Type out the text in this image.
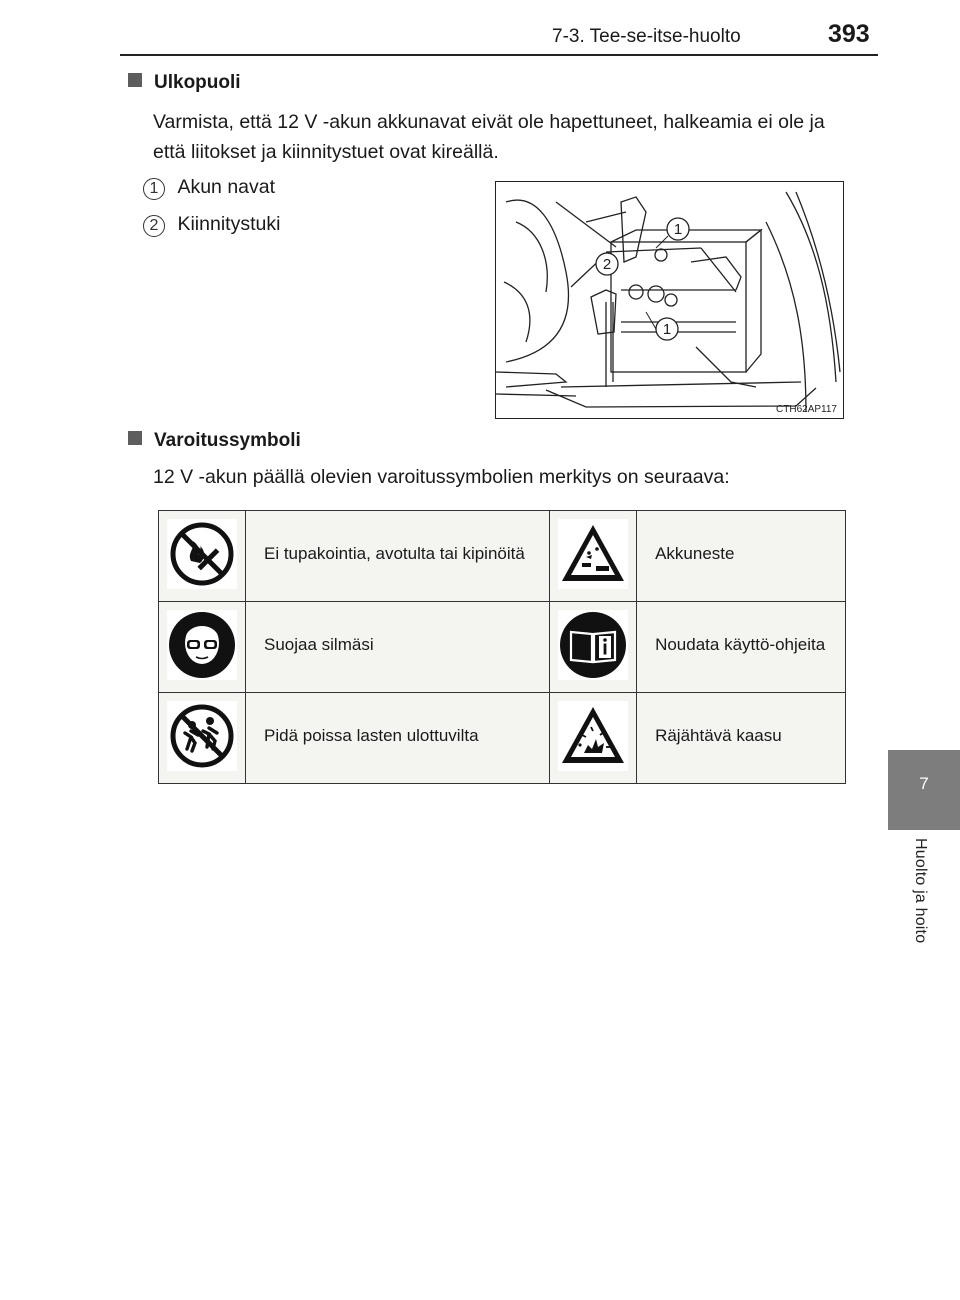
7-3. Tee-se-itse-huolto	393
7
Huolto ja hoito
Ulkopuoli
Varmista, että 12 V -akun akkunavat eivät ole hapettuneet, halkeamia ei ole ja että liitokset ja kiinnitystuet ovat kireällä.
1 Akun navat
2 Kiinnitystuki	1
2
1
CTH62AP117
Varoitussymboli
12 V -akun päällä olevien varoitussymbolien merkitys on seuraava:
	Ei tupakointia, avotulta tai kipinöitä		Akkuneste
	Suojaa silmäsi		Noudata käyttö-ohjeita
	Pidä poissa lasten ulottuvilta		Räjähtävä kaasu
